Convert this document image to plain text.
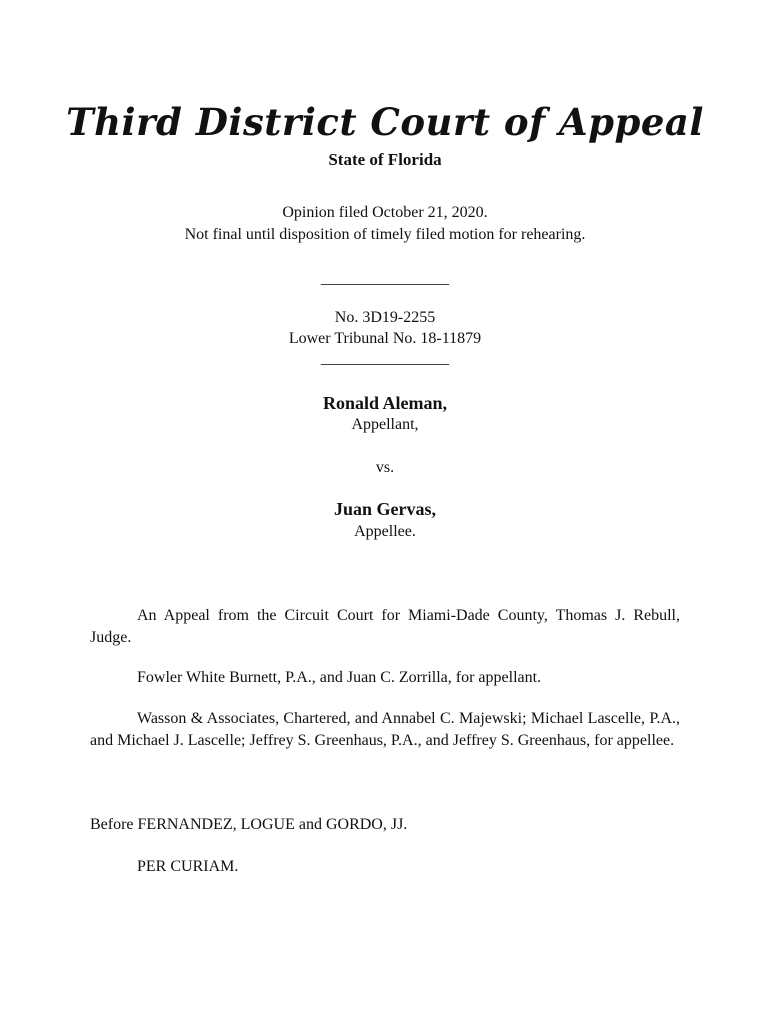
Third District Court of Appeal
State of Florida
Opinion filed October 21, 2020.
Not final until disposition of timely filed motion for rehearing.
________________
No. 3D19-2255
Lower Tribunal No. 18-11879
________________
Ronald Aleman,
Appellant,
vs.
Juan Gervas,
Appellee.
An Appeal from the Circuit Court for Miami-Dade County, Thomas J. Rebull, Judge.
Fowler White Burnett, P.A., and Juan C. Zorrilla, for appellant.
Wasson & Associates, Chartered, and Annabel C. Majewski; Michael Lascelle, P.A., and Michael J. Lascelle; Jeffrey S. Greenhaus, P.A., and Jeffrey S. Greenhaus, for appellee.
Before FERNANDEZ, LOGUE and GORDO, JJ.
PER CURIAM.
